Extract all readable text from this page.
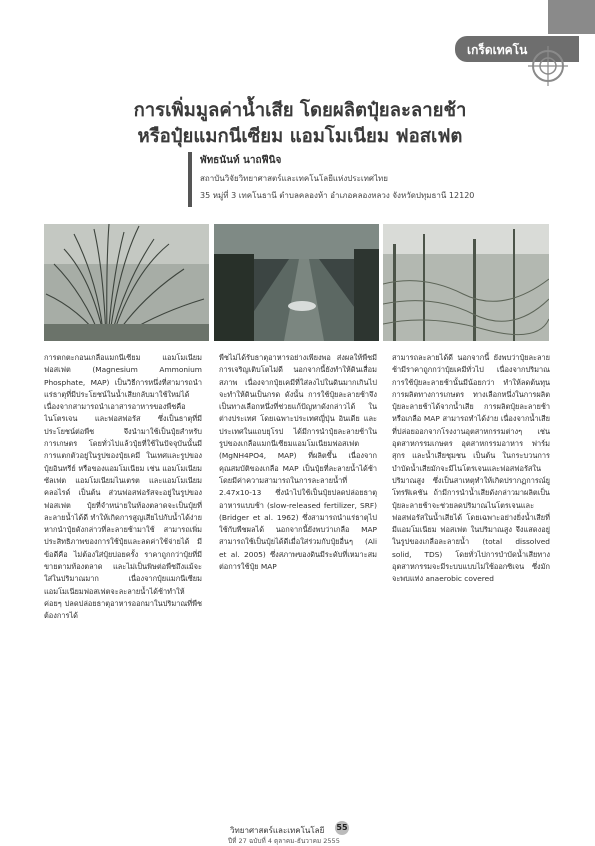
เกร็ดเทคโน
การเพิ่มมูลค่าน้ำเสีย โดยผลิตปุ๋ยละลายช้า
หรือปุ๋ยแมกนีเซียม แอมโมเนียม ฟอสเฟต
พัทธนันท์ นาถฟีนิจ
สถาบันวิจัยวิทยาศาสตร์และเทคโนโลยีแห่งประเทศไทย
35 หมู่ที่ 3 เทคโนธานี ตำบลคลองห้า อำเภอคลองหลวง จังหวัดปทุมธานี 12120
การตกตะกอนเกลือแมกนีเซียม แอมโมเนียมฟอสเฟต (Magnesium Ammonium Phosphate, MAP) เป็นวิธีการหนึ่งที่สามารถนำแร่ธาตุที่มีประโยชน์ในน้ำเสียกลับมาใช้ใหม่ได้ เนื่องจากสามารถนำเอาสารอาหารของพืชคือ ไนโตรเจน และฟอสฟอรัส ซึ่งเป็นธาตุที่มีประโยชน์ต่อพืช จึงนำมาใช้เป็นปุ๋ยสำหรับการเกษตร โดยทั่วไปแล้วปุ๋ยที่ใช้ในปัจจุบันนั้นมีการแตกตัวอยู่ในรูปของปุ๋ยเคมี ในเทศและรูปของปุ๋ยอินทรีย์ หรือของแอมโมเนียม เช่น แอมโมเนียมซัลเฟต แอมโมเนียมไนเตรต และแอมโมเนียมคลอไรด์ เป็นต้น ส่วนฟอสฟอรัสจะอยู่ในรูปของฟอสเฟต ปุ๋ยที่จำหน่ายในท้องตลาดจะเป็นปุ๋ยที่ละลายน้ำได้ดี ทำให้เกิดการสูญเสียไปกับน้ำได้ง่าย หากนำปุ๋ยดังกล่าวที่ละลายช้ามาใช้ สามารถเพิ่มประสิทธิภาพของการใช้ปุ๋ยและลดค่าใช้จ่ายได้ มีข้อดีคือ ไม่ต้องใส่ปุ๋ยบ่อยครั้ง ราคาถูกกว่าปุ๋ยที่มีขายตามท้องตลาด และไม่เป็นพิษต่อพืชถึงแม้จะใส่ในปริมาณมาก เนื่องจากปุ๋ยแมกนีเซียมแอมโมเนียมฟอสเฟตจะละลายน้ำได้ช้าทำให้ค่อยๆ ปลดปล่อยธาตุอาหารออกมาในปริมาณที่พืชต้องการได้
พืชไม่ได้รับธาตุอาหารอย่างเพียงพอ ส่งผลให้พืชมีการเจริญเติบโตไม่ดี นอกจากนี้ยังทำให้ดินเสื่อมสภาพ เนื่องจากปุ๋ยเคมีที่ใส่ลงไปในดินมากเกินไปจะทำให้ดินเป็นกรด ดังนั้น การใช้ปุ๋ยละลายช้าจึงเป็นทางเลือกหนึ่งที่ช่วยแก้ปัญหาดังกล่าวได้ ในต่างประเทศ โดยเฉพาะประเทศญี่ปุ่น อินเดีย และประเทศในแถบยุโรป ได้มีการนำปุ๋ยละลายช้าในรูปของเกลือแมกนีเซียมแอมโมเนียมฟอสเฟต (MgNH4PO4, MAP) ที่ผลิตขึ้น เนื่องจาก คุณสมบัติของเกลือ MAP เป็นปุ๋ยที่ละลายน้ำได้ช้า โดยมีค่าความสามารถในการละลายน้ำที่ 2.47x10-13 ซึ่งนำไปใช้เป็นปุ๋ยปลดปล่อยธาตุอาหารแบบช้า (slow-released fertilizer, SRF) (Bridger et al. 1962) ซึ่งสามารถนำแร่ธาตุไปใช้กับพืชผลได้ นอกจากนี้ยังพบว่าเกลือ MAP สามารถใช้เป็นปุ๋ยได้ดีเมื่อใส่ร่วมกับปุ๋ยอื่นๆ (Ali et al. 2005) ซึ่งสภาพของดินมีระดับที่เหมาะสมต่อการใช้ปุ๋ย MAP
สามารถละลายได้ดี นอกจากนี้ ยังพบว่าปุ๋ยละลายช้ามีราคาถูกกว่าปุ๋ยเคมีทั่วไป เนื่องจากปริมาณการใช้ปุ๋ยละลายช้านั้นมีน้อยกว่า ทำให้ลดต้นทุนการผลิตทางการเกษตร ทางเลือกหนึ่งในการผลิตปุ๋ยละลายช้าได้จากน้ำเสีย การผลิตปุ๋ยละลายช้าหรือเกลือ MAP สามารถทำได้ง่าย เนื่องจากน้ำเสียที่ปล่อยออกจากโรงงานอุตสาหกรรมต่างๆ เช่น อุตสาหกรรมเกษตร อุตสาหกรรมอาหาร ฟาร์มสุกร และน้ำเสียชุมชน เป็นต้น ในกระบวนการบำบัดน้ำเสียมักจะมีไนโตรเจนและฟอสฟอรัสในปริมาณสูง ซึ่งเป็นสาเหตุทำให้เกิดปรากฏการณ์ยูโทรฟิเคชัน ถ้ามีการนำน้ำเสียดังกล่าวมาผลิตเป็นปุ๋ยละลายช้าจะช่วยลดปริมาณไนโตรเจนและฟอสฟอรัสในน้ำเสียได้ โดยเฉพาะอย่างยิ่งน้ำเสียที่มีแอมโมเนียม ฟอสเฟต ในปริมาณสูง จึงแสดงอยู่ในรูปของเกลือละลายน้ำ (total dissolved solid, TDS) โดยทั่วไปการบำบัดน้ำเสียทางอุตสาหกรรมจะมีระบบแบบไม่ใช้ออกซิเจน ซึ่งมักจะพบแท่ง anaerobic covered
วิทยาศาสตร์และเทคโนโลยี 55
ปีที่ 27 ฉบับที่ 4 ตุลาคม-ธันวาคม 2555
